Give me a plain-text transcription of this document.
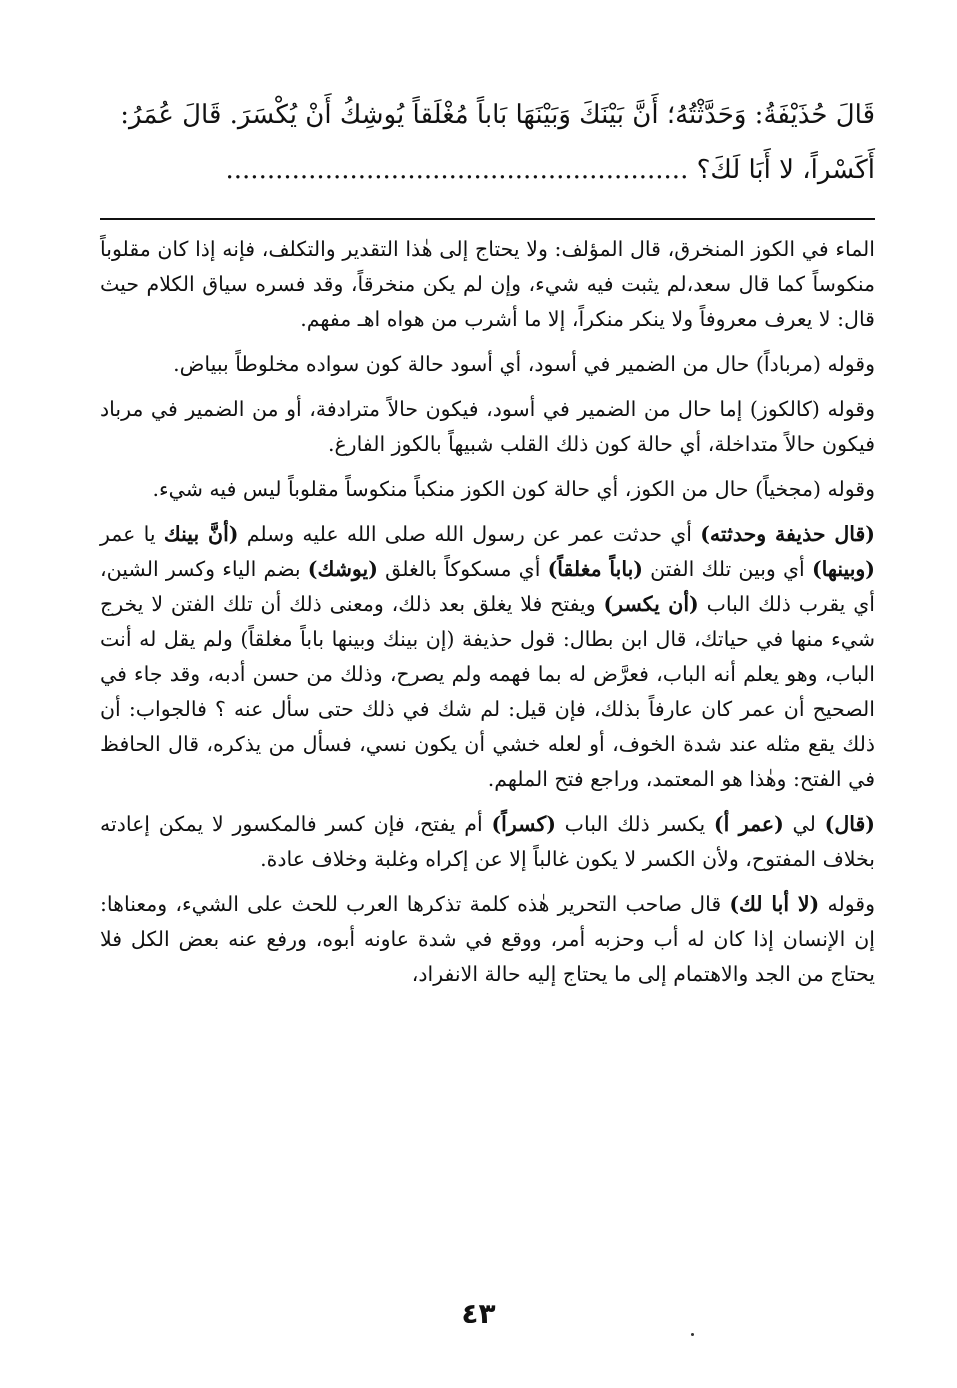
قَالَ حُذَيْفَةُ: وَحَدَّثْتُهُ؛ أَنَّ بَيْنَكَ وَبَيْنَهَا بَاباً مُغْلَقاً يُوشِكُ أَنْ يُكْسَرَ. قَالَ عُمَرُ:

أَكَسْراً، لا أَبَا لَكَ؟ ........................................................

الماء في الكوز المنخرق، قال المؤلف: ولا يحتاج إلى هٰذا التقدير والتكلف، فإنه إذا كان مقلوباً منكوساً كما قال سعد،لم يثبت فيه شيء، وإن لم يكن منخرقاً، وقد فسره سياق الكلام حيث قال: لا يعرف معروفاً ولا ينكر منكراً، إلا ما أشرب من هواه اهـ مفهم.

وقوله (مرباداً) حال من الضمير في أسود، أي أسود حالة كون سواده مخلوطاً ببياض.

وقوله (كالكوز) إما حال من الضمير في أسود، فيكون حالاً مترادفة، أو من الضمير في مرباد فيكون حالاً متداخلة، أي حالة كون ذلك القلب شبيهاً بالكوز الفارغ.

وقوله (مجخياً) حال من الكوز، أي حالة كون الكوز منكباً منكوساً مقلوباً ليس فيه شيء.

(قال حذيفة وحدثته) أي حدثت عمر عن رسول الله صلى الله عليه وسلم (أنَّ بينك يا عمر (وبينها) أي وبين تلك الفتن (باباً مغلقاً) أي مسكوكاً بالغلق (يوشك) بضم الياء وكسر الشين، أي يقرب ذلك الباب (أن يكسر) ويفتح فلا يغلق بعد ذلك، ومعنى ذلك أن تلك الفتن لا يخرج شيء منها في حياتك، قال ابن بطال: قول حذيفة (إن بينك وبينها باباً مغلقاً) ولم يقل له أنت الباب، وهو يعلم أنه الباب، فعرَّض له بما فهمه ولم يصرح، وذلك من حسن أدبه، وقد جاء في الصحيح أن عمر كان عارفاً بذلك، فإن قيل: لم شك في ذلك حتى سأل عنه ؟ فالجواب: أن ذلك يقع مثله عند شدة الخوف، أو لعله خشي أن يكون نسي، فسأل من يذكره، قال الحافظ في الفتح: وهٰذا هو المعتمد، وراجع فتح الملهم.

(قال) لي (عمر أ) يكسر ذلك الباب (كسراً) أم يفتح، فإن كسر فالمكسور لا يمكن إعادته بخلاف المفتوح، ولأن الكسر لا يكون غالباً إلا عن إكراه وغلبة وخلاف عادة.

وقوله (لا أبا لك) قال صاحب التحرير هٰذه كلمة تذكرها العرب للحث على الشيء، ومعناها: إن الإنسان إذا كان له أب وحزبه أمر، ووقع في شدة عاونه أبوه، ورفع عنه بعض الكل فلا يحتاج من الجد والاهتمام إلى ما يحتاج إليه حالة الانفراد،

٤٣
